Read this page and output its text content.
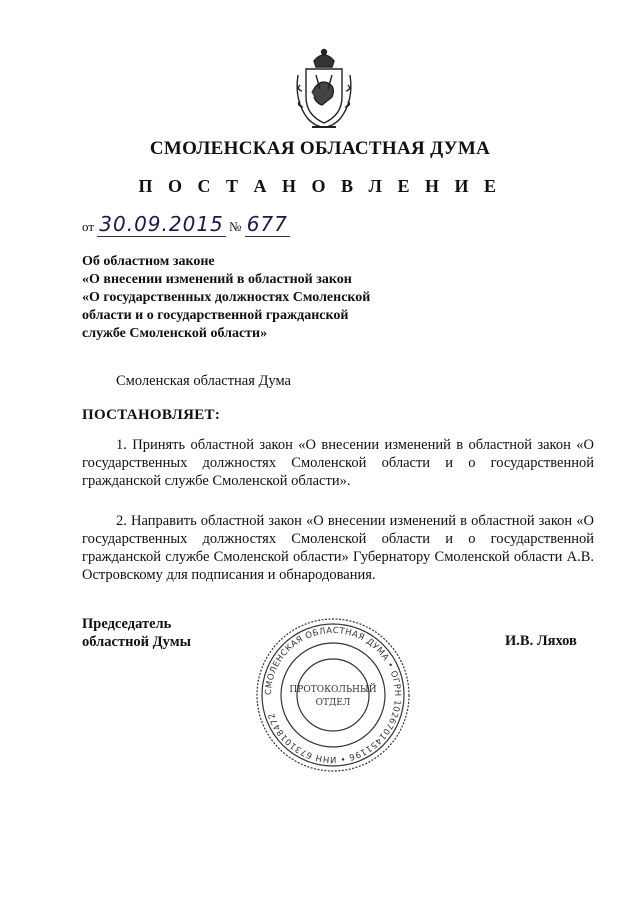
СМОЛЕНСКАЯ ОБЛАСТНАЯ ДУМА
П О С Т А Н О В Л Е Н И Е
от 30.09.2015 № 677
Об областном законе
«О внесении изменений в областной закон
«О государственных должностях Смоленской
области и о государственной гражданской
службе Смоленской области»
Смоленская областная Дума
ПОСТАНОВЛЯЕТ:
1. Принять областной закон «О внесении изменений в областной закон «О государственных должностях Смоленской области и о государственной гражданской службе Смоленской области».
2. Направить областной закон «О внесении изменений в областной закон «О государственных должностях Смоленской области и о государственной гражданской службе Смоленской области» Губернатору Смоленской области А.В. Островскому для подписания и обнародования.
Председатель
областной Думы	И.В. Ляхов
СМОЛЕНСКАЯ ОБЛАСТНАЯ ДУМА • ОГРН 1026701451196 • ИНН 6731018472
ПРОТОКОЛЬНЫЙ
ОТДЕЛ
